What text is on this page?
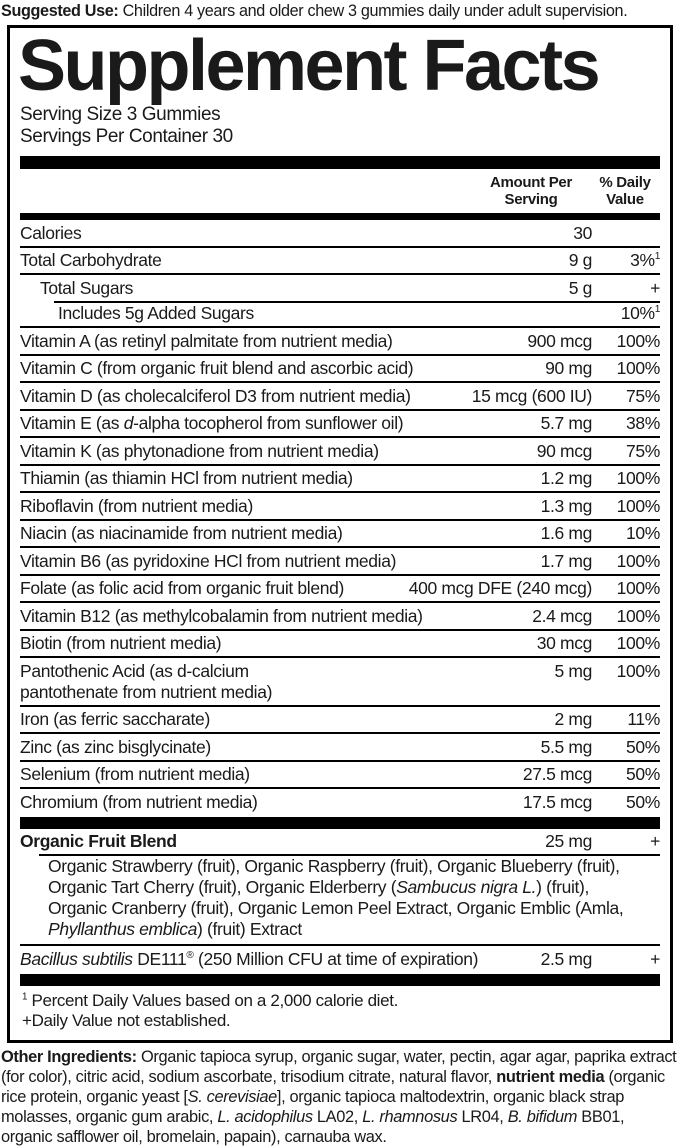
Suggested Use: Children 4 years and older chew 3 gummies daily under adult supervision.
Supplement Facts
Serving Size 3 Gummies
Servings Per Container 30
Amount Per Serving
% Daily Value
Calories	30
Total Carbohydrate	9 g	3%$^1$
Total Sugars	5 g	+
Includes 5g Added Sugars	10%$^1$
Vitamin A (as retinyl palmitate from nutrient media)	900 mcg	100%
Vitamin C (from organic fruit blend and ascorbic acid)	90 mg	100%
Vitamin D (as cholecalciferol D3 from nutrient media)	15 mcg (600 IU)	75%
Vitamin E (as d-alpha tocopherol from sunflower oil)	5.7 mg	38%
Vitamin K (as phytonadione from nutrient media)	90 mcg	75%
Thiamin (as thiamin HCl from nutrient media)	1.2 mg	100%
Riboflavin (from nutrient media)	1.3 mg	100%
Niacin (as niacinamide from nutrient media)	1.6 mg	10%
Vitamin B6 (as pyridoxine HCl from nutrient media)	1.7 mg	100%
Folate (as folic acid from organic fruit blend)	400 mcg DFE (240 mcg)	100%
Vitamin B12 (as methylcobalamin from nutrient media)	2.4 mcg	100%
Biotin (from nutrient media)	30 mcg	100%
Pantothenic Acid (as d-calcium
pantothenate from nutrient media)
5 mg	100%
Iron (as ferric saccharate)	2 mg	11%
Zinc (as zinc bisglycinate)	5.5 mg	50%
Selenium (from nutrient media)	27.5 mcg	50%
Chromium (from nutrient media)	17.5 mcg	50%
Organic Fruit Blend	25 mg	+
Organic Strawberry (fruit), Organic Raspberry (fruit), Organic Blueberry (fruit), Organic Tart Cherry (fruit), Organic Elderberry (Sambucus nigra L.) (fruit), Organic Cranberry (fruit), Organic Lemon Peel Extract, Organic Emblic (Amla, Phyllanthus emblica) (fruit) Extract
Bacillus subtilis DE111® (250 Million CFU at time of expiration)	2.5 mg	+
$^1$ Percent Daily Values based on a 2,000 calorie diet.
+Daily Value not established.
Other Ingredients: Organic tapioca syrup, organic sugar, water, pectin, agar agar, paprika extract (for color), citric acid, sodium ascorbate, trisodium citrate, natural flavor, nutrient media (organic rice protein, organic yeast [S. cerevisiae], organic tapioca maltodextrin, organic black strap molasses, organic gum arabic, L. acidophilus LA02, L. rhamnosus LR04, B. bifidum BB01, organic safflower oil, bromelain, papain), carnauba wax.
